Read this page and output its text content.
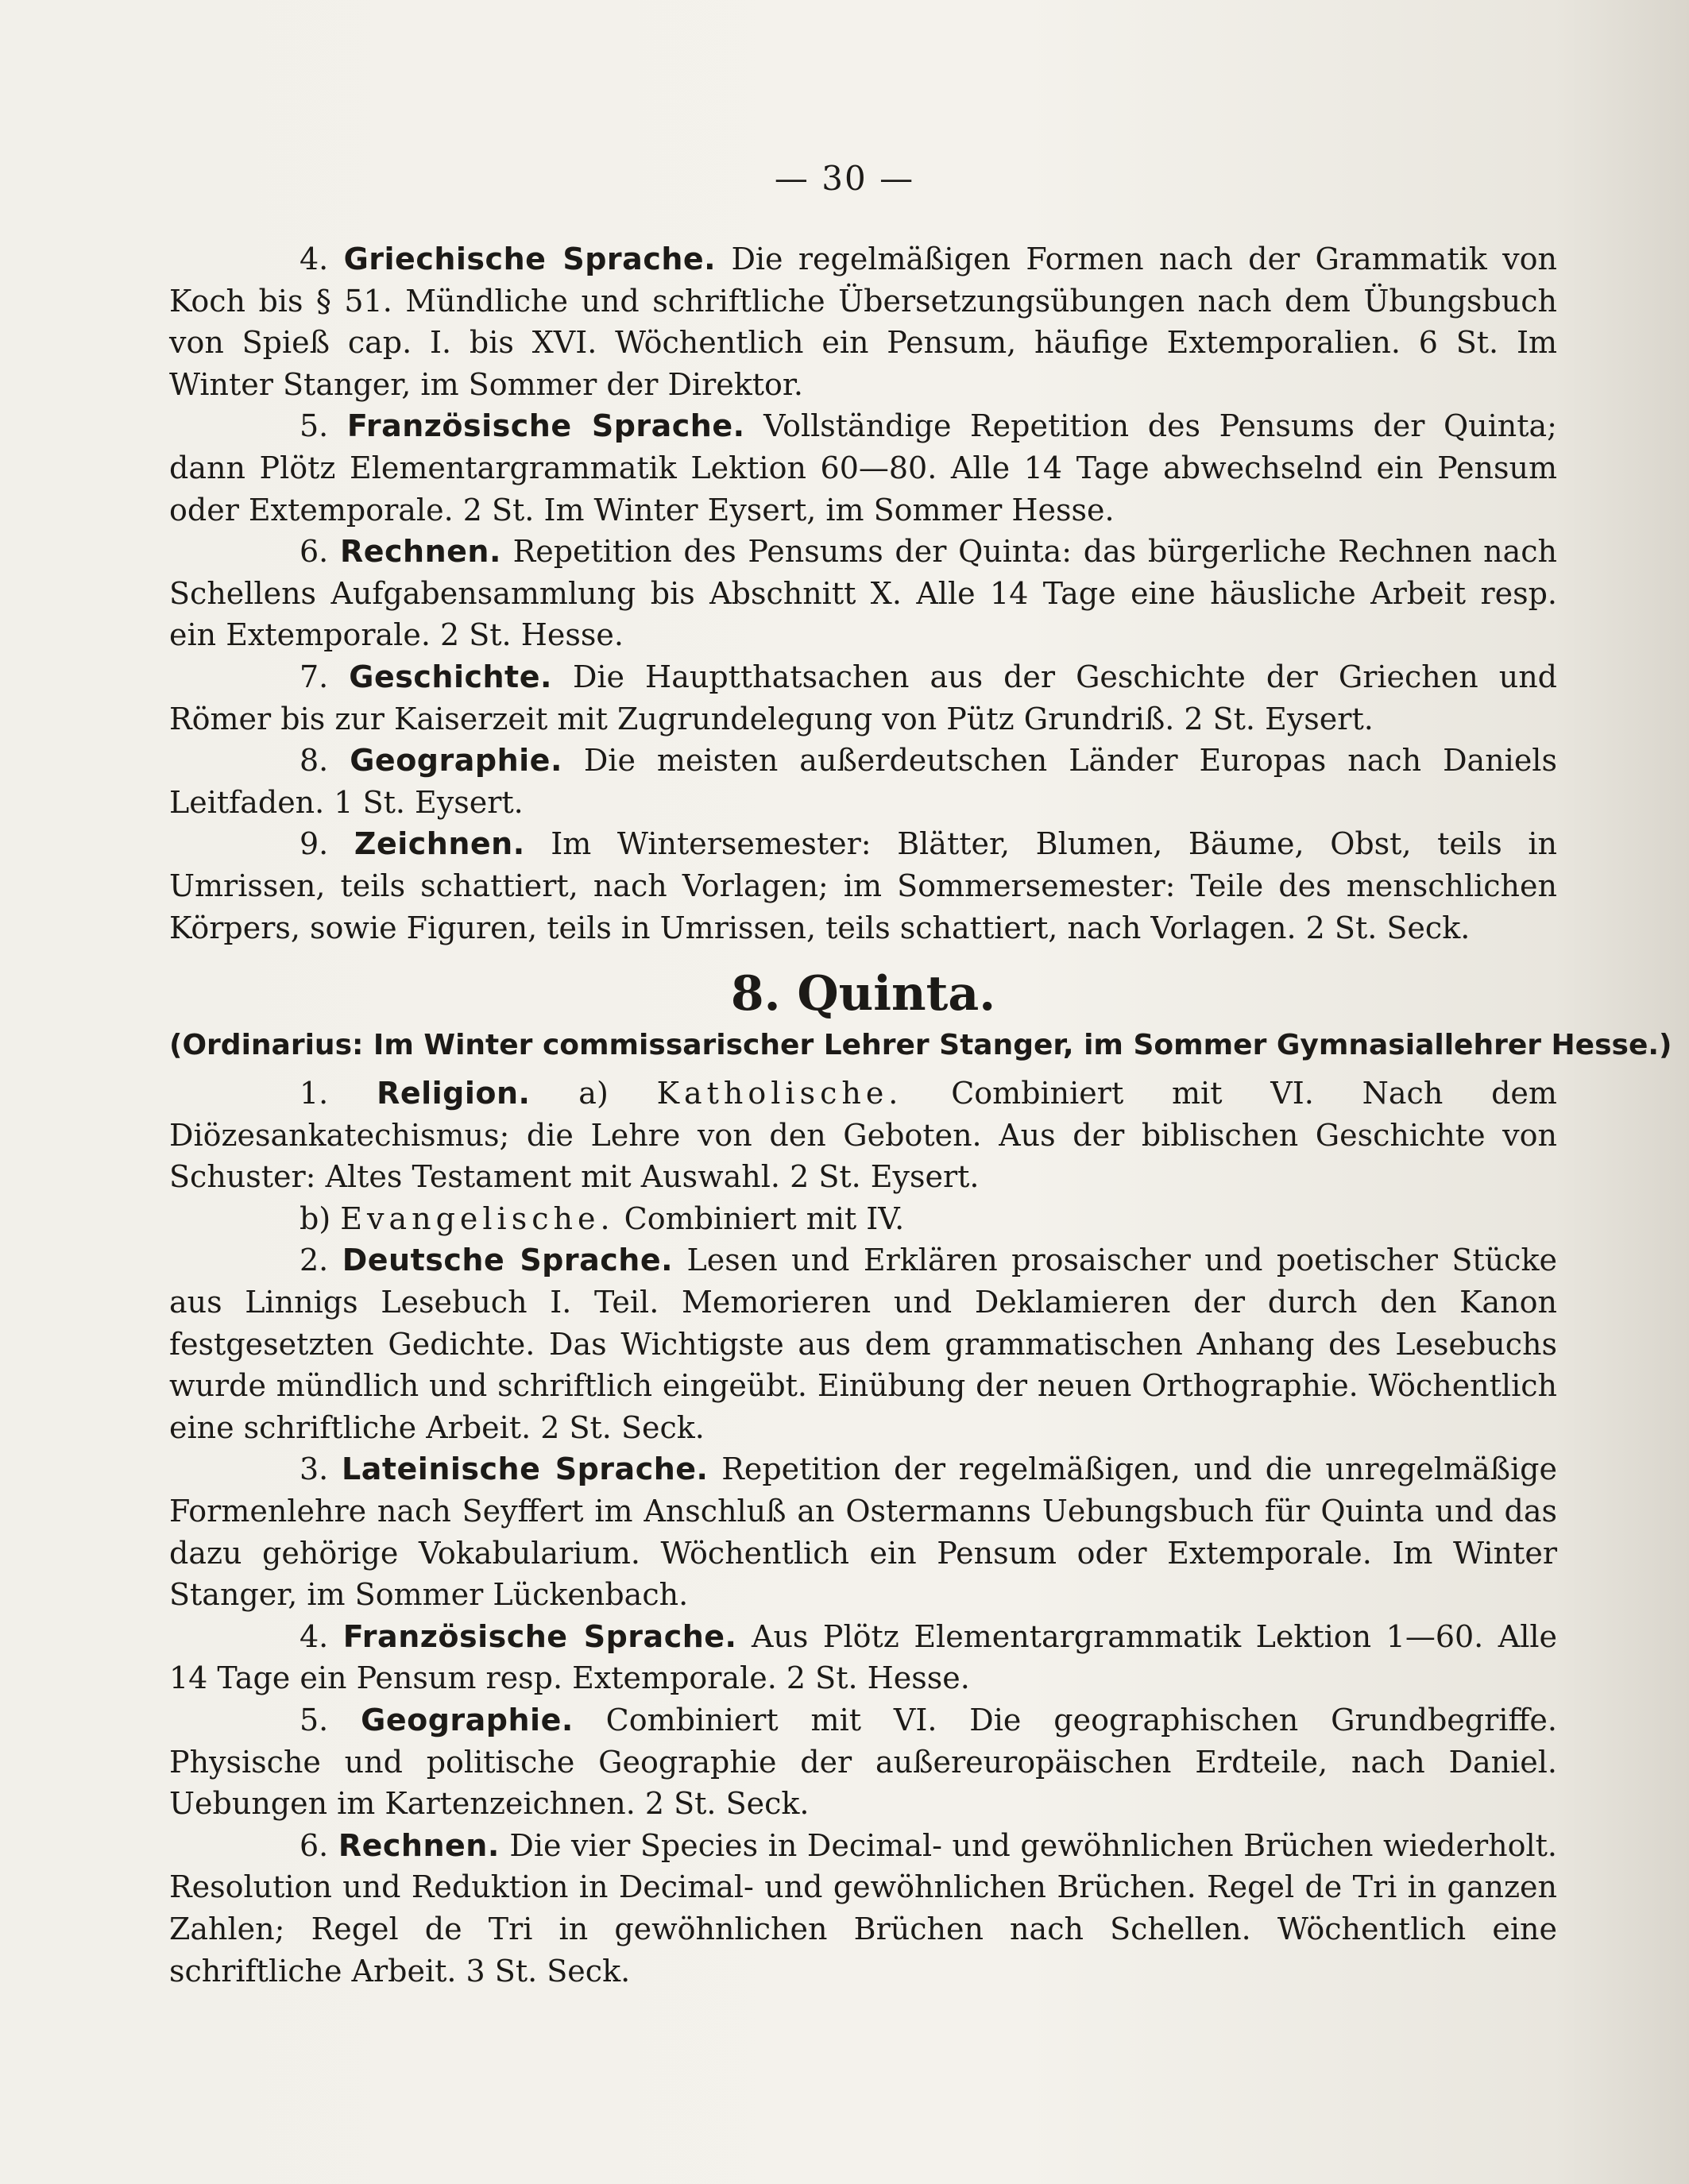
— 30 —

4. Griechische Sprache. Die regelmäßigen Formen nach der Grammatik von Koch bis § 51. Mündliche und schriftliche Übersetzungsübungen nach dem Übungsbuch von Spieß cap. I. bis XVI. Wöchentlich ein Pensum, häufige Extemporalien. 6 St. Im Winter Stanger, im Sommer der Direktor.

5. Französische Sprache. Vollständige Repetition des Pensums der Quinta; dann Plötz Elementargrammatik Lektion 60—80. Alle 14 Tage abwechselnd ein Pensum oder Extemporale. 2 St. Im Winter Eysert, im Sommer Hesse.

6. Rechnen. Repetition des Pensums der Quinta: das bürgerliche Rechnen nach Schellens Aufgabensammlung bis Abschnitt X. Alle 14 Tage eine häusliche Arbeit resp. ein Extemporale. 2 St. Hesse.

7. Geschichte. Die Hauptthatsachen aus der Geschichte der Griechen und Römer bis zur Kaiserzeit mit Zugrundelegung von Pütz Grundriß. 2 St. Eysert.

8. Geographie. Die meisten außerdeutschen Länder Europas nach Daniels Leitfaden. 1 St. Eysert.

9. Zeichnen. Im Wintersemester: Blätter, Blumen, Bäume, Obst, teils in Umrissen, teils schattiert, nach Vorlagen; im Sommersemester: Teile des menschlichen Körpers, sowie Figuren, teils in Umrissen, teils schattiert, nach Vorlagen. 2 St. Seck.

8. Quinta.
(Ordinarius: Im Winter commissarischer Lehrer Stanger, im Sommer Gymnasiallehrer Hesse.)

1. Religion. a) Katholische. Combiniert mit VI. Nach dem Diözesankatechismus; die Lehre von den Geboten. Aus der biblischen Geschichte von Schuster: Altes Testament mit Auswahl. 2 St. Eysert.

b) Evangelische. Combiniert mit IV.

2. Deutsche Sprache. Lesen und Erklären prosaischer und poetischer Stücke aus Linnigs Lesebuch I. Teil. Memorieren und Deklamieren der durch den Kanon festgesetzten Gedichte. Das Wichtigste aus dem grammatischen Anhang des Lesebuchs wurde mündlich und schriftlich eingeübt. Einübung der neuen Orthographie. Wöchentlich eine schriftliche Arbeit. 2 St. Seck.

3. Lateinische Sprache. Repetition der regelmäßigen, und die unregelmäßige Formenlehre nach Seyffert im Anschluß an Ostermanns Uebungsbuch für Quinta und das dazu gehörige Vokabularium. Wöchentlich ein Pensum oder Extemporale. Im Winter Stanger, im Sommer Lückenbach.

4. Französische Sprache. Aus Plötz Elementargrammatik Lektion 1—60. Alle 14 Tage ein Pensum resp. Extemporale. 2 St. Hesse.

5. Geographie. Combiniert mit VI. Die geographischen Grundbegriffe. Physische und politische Geographie der außereuropäischen Erdteile, nach Daniel. Uebungen im Kartenzeichnen. 2 St. Seck.

6. Rechnen. Die vier Species in Decimal- und gewöhnlichen Brüchen wiederholt. Resolution und Reduktion in Decimal- und gewöhnlichen Brüchen. Regel de Tri in ganzen Zahlen; Regel de Tri in gewöhnlichen Brüchen nach Schellen. Wöchentlich eine schriftliche Arbeit. 3 St. Seck.
